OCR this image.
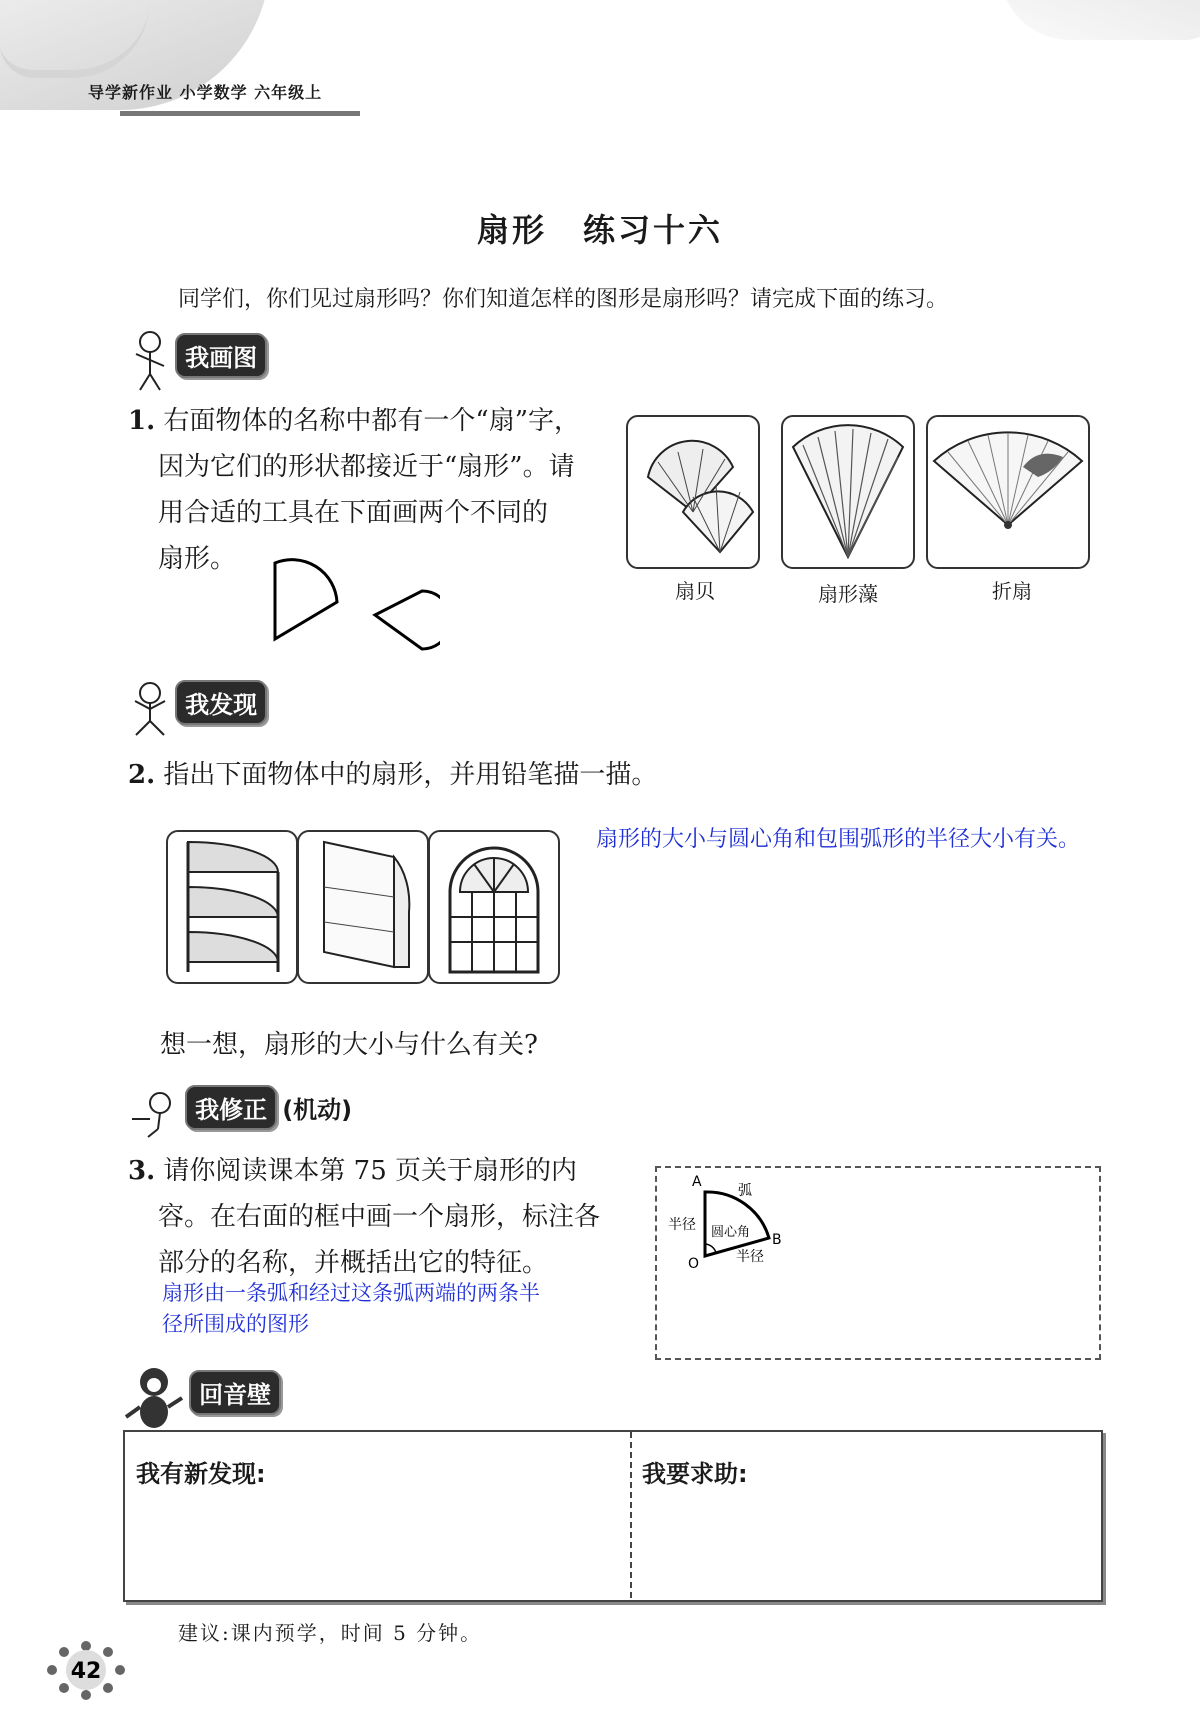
导学新作业 小学数学 六年级上
扇形 练习十六
同学们，你们见过扇形吗？你们知道怎样的图形是扇形吗？请完成下面的练习。
我画图
1. 右面物体的名称中都有一个“扇”字，
因为它们的形状都接近于“扇形”。请
用合适的工具在下面画两个不同的
扇形。
扇贝	扇形藻	折扇
我发现
2. 指出下面物体中的扇形，并用铅笔描一描。
扇形的大小与圆心角和包围弧形的半径大小有关。
想一想，扇形的大小与什么有关?
我修正 (机动)
3. 请你阅读课本第 75 页关于扇形的内
容。在右面的框中画一个扇形，标注各
部分的名称，并概括出它的特征。
扇形由一条弧和经过这条弧两端的两条半
径所围成的图形
A
B
O
弧
半径
半径
圆心角
回音壁
我有新发现:	我要求助:
建议:课内预学，时间 5 分钟。
42
